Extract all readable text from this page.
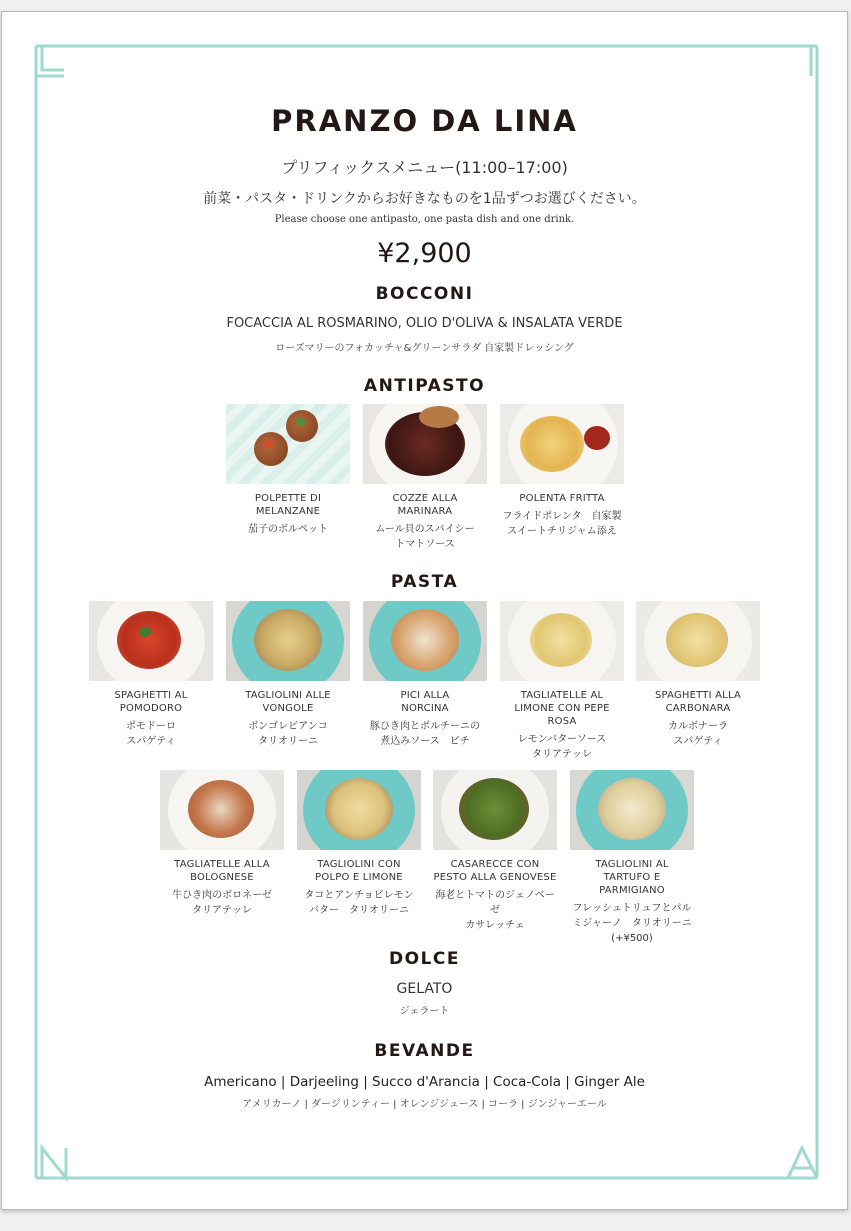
PRANZO DA LINA
プリフィックスメニュー(11:00–17:00)
前菜・パスタ・ドリンクからお好きなものを1品ずつお選びください。
Please choose one antipasto, one pasta dish and one drink.
¥2,900
BOCCONI
FOCACCIA AL ROSMARINO, OLIO D'OLIVA & INSALATA VERDE
ローズマリーのフォカッチャ&グリーンサラダ 自家製ドレッシング
ANTIPASTO
POLPETTE DI
MELANZANE
茄子のボルペット
COZZE ALLA
MARINARA
ムール貝のスパイシー
トマトソース
POLENTA FRITTA
フライドポレンタ　自家製
スイートチリジャム添え
PASTA
SPAGHETTI AL
POMODORO
ポモドーロ
スパゲティ
TAGLIOLINI ALLE
VONGOLE
ボンゴレビアンコ
タリオリーニ
PICI ALLA
NORCINA
豚ひき肉とポルチーニの
煮込みソース　ピチ
TAGLIATELLE AL
LIMONE CON PEPE ROSA
レモンバターソース
タリアテッレ
SPAGHETTI ALLA
CARBONARA
カルボナーラ
スパゲティ
TAGLIATELLE ALLA
BOLOGNESE
牛ひき肉のボロネーゼ
タリアテッレ
TAGLIOLINI CON
POLPO E LIMONE
タコとアンチョビレモン
バター　タリオリーニ
CASARECCE CON
PESTO ALLA GENOVESE
海老とトマトのジェノベーゼ
カサレッチェ
TAGLIOLINI AL
TARTUFO E PARMIGIANO
フレッシュトリュフとパル
ミジャーノ　タリオリーニ
(+¥500)
DOLCE
GELATO
ジェラート
BEVANDE
Americano | Darjeeling | Succo d'Arancia | Coca-Cola | Ginger Ale
アメリカーノ | ダージリンティー | オレンジジュース | コーラ | ジンジャーエール
